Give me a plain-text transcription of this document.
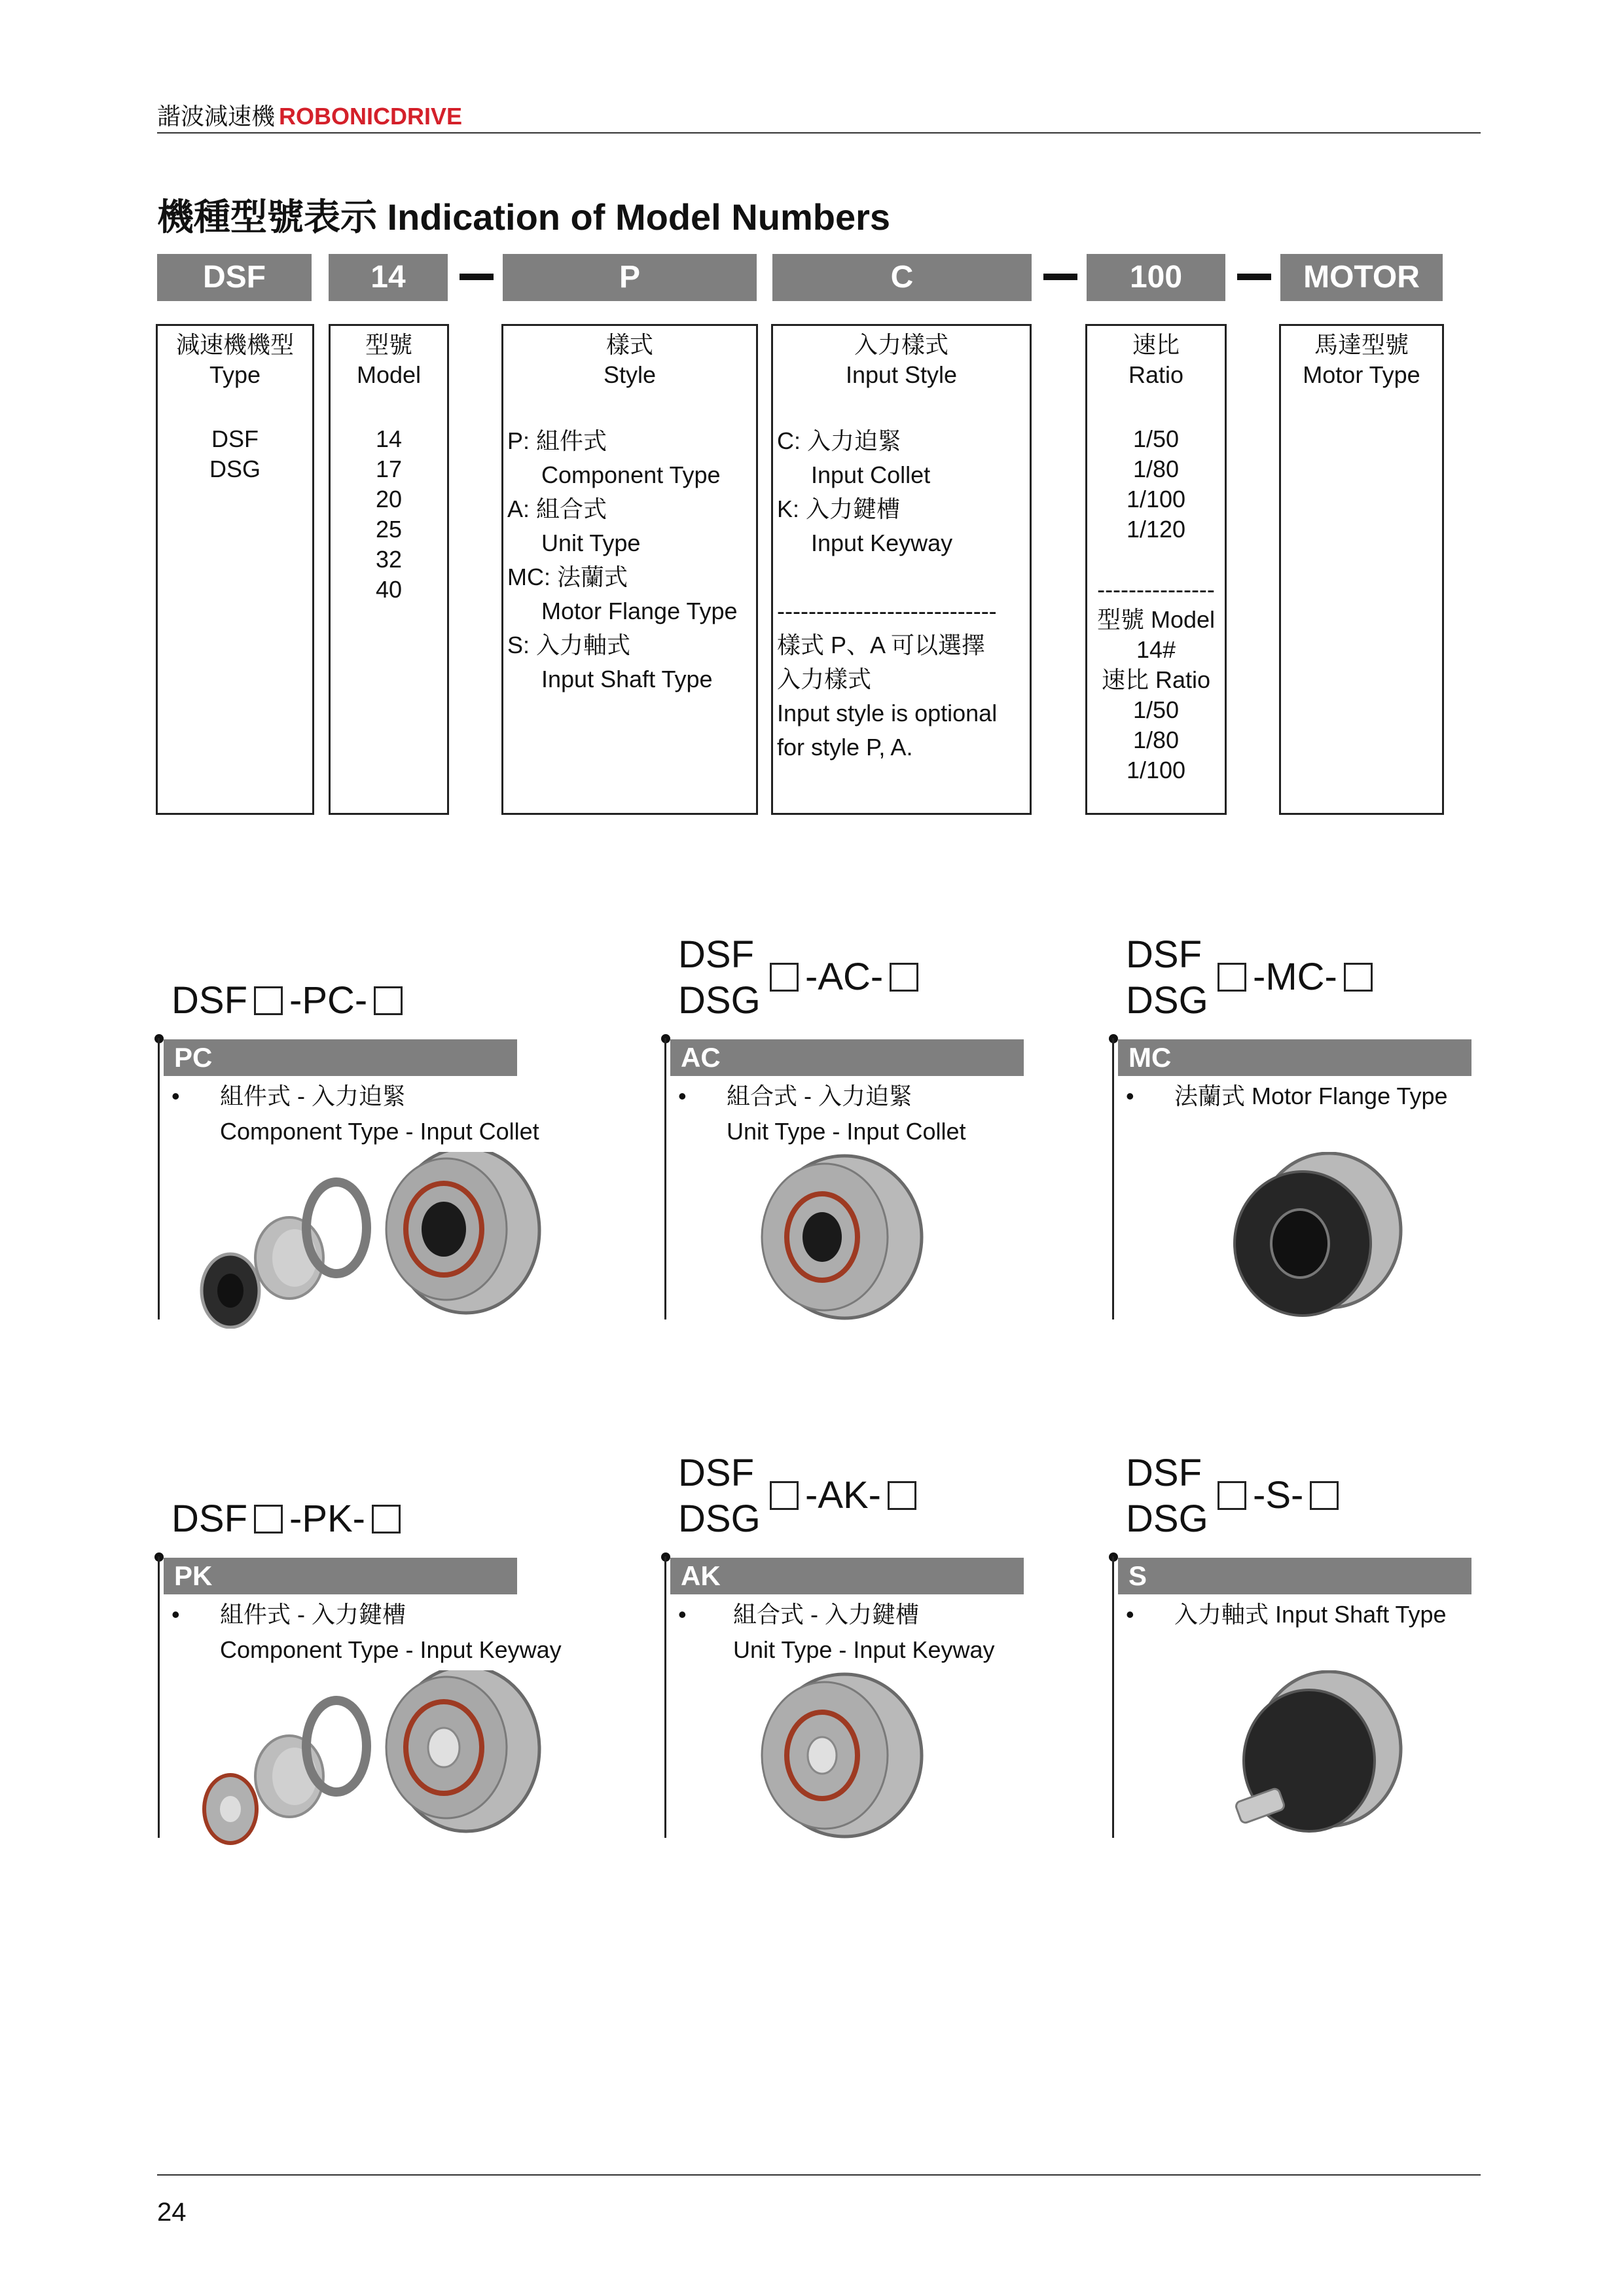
諧波減速機 ROBONICDRIVE
機種型號表示 Indication of Model Numbers
DSF	14	P	C	100	MOTOR
減速機機型
Type
DSF
DSG
型號
Model
14
17
20
25
32
40
樣式
Style
P: 組件式
Component Type
A: 組合式
Unit Type
MC: 法蘭式
Motor Flange Type
S: 入力軸式
Input Shaft Type
入力樣式
Input Style
C: 入力迫緊
Input Collet
K: 入力鍵槽
Input Keyway
----------------------------
樣式 P、A 可以選擇
入力樣式
Input style is optional
for style P, A.
速比
Ratio
1/50
1/80
1/100
1/120
---------------
型號 Model
14#
速比 Ratio
1/50
1/80
1/100
馬達型號
Motor Type
DSF -PC-
PC
• 組件式 - 入力迫緊
Component Type - Input Collet
DSF
DSG
-AC-
AC
• 組合式 - 入力迫緊
Unit Type - Input Collet
DSF
DSG
-MC-
MC
• 法蘭式 Motor Flange Type
DSF -PK-
PK
• 組件式 - 入力鍵槽
Component Type - Input Keyway
DSF
DSG
-AK-
AK
• 組合式 - 入力鍵槽
Unit Type - Input Keyway
DSF
DSG
-S-
S
• 入力軸式 Input Shaft Type
24
